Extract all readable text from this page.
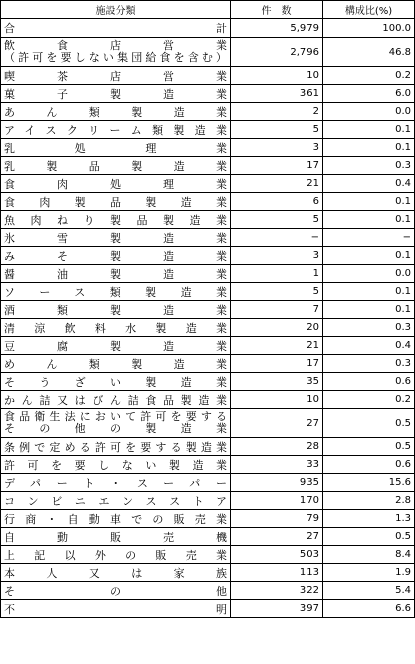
施設分類	件　数	構成比(%)
合計	5,979	100.0
飲食店営業
（許可を要しない集団給食を含む）	2,796	46.8
喫茶店営業	10	0.2
菓子製造業	361	6.0
あん類製造業	2	0.0
アイスクリーム類製造業	5	0.1
乳処理業	3	0.1
乳製品製造業	17	0.3
食肉処理業	21	0.4
食肉製品製造業	6	0.1
魚肉ねり製品製造業	5	0.1
氷雪製造業	−	−
みそ製造業	3	0.1
醤油製造業	1	0.0
ソース類製造業	5	0.1
酒類製造業	7	0.1
清涼飲料水製造業	20	0.3
豆腐製造業	21	0.4
めん類製造業	17	0.3
そうざい製造業	35	0.6
かん詰又はびん詰食品製造業	10	0.2
食品衛生法において許可を要する
その他の製造業	27	0.5
条例で定める許可を要する製造業	28	0.5
許可を要しない製造業	33	0.6
デパート・スーパー	935	15.6
コンビニエンスストア	170	2.8
行商・自動車での販売業	79	1.3
自動販売機	27	0.5
上記以外の販売業	503	8.4
本人又は家族	113	1.9
その他	322	5.4
不明	397	6.6
